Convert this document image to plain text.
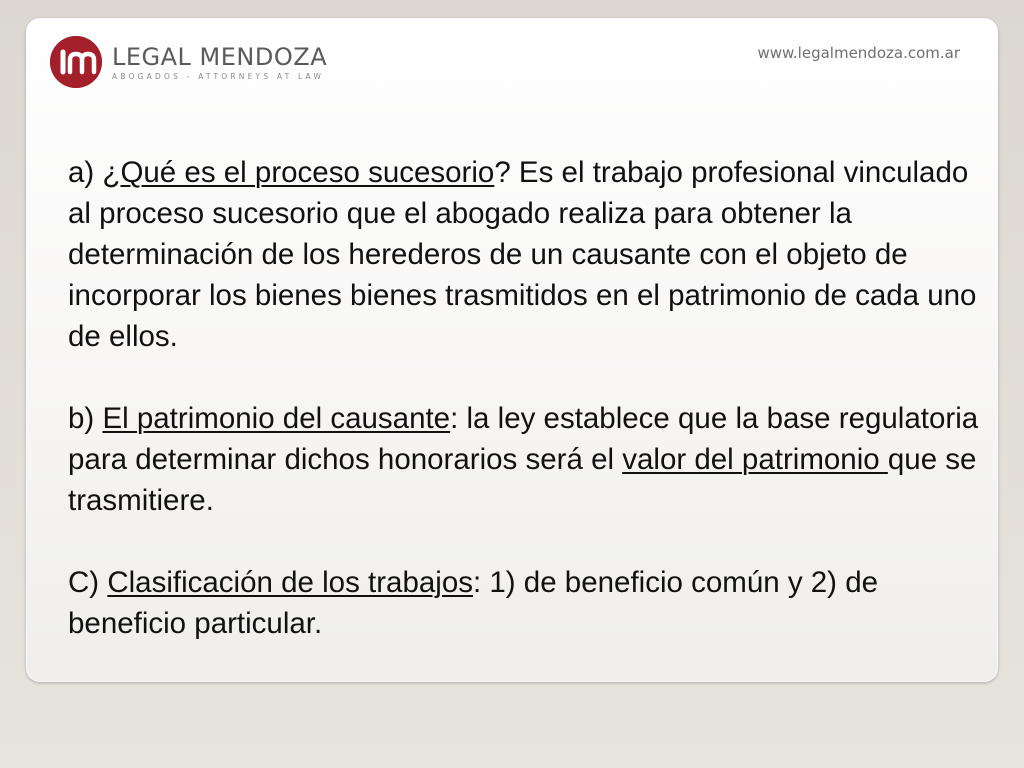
LEGAL MENDOZA
ABOGADOS - ATTORNEYS AT LAW
www.legalmendoza.com.ar

a) ¿Qué es el proceso sucesorio? Es el trabajo profesional vinculado al proceso sucesorio que el abogado realiza para obtener la determinación de los herederos de un causante con el objeto de incorporar los bienes bienes trasmitidos en el patrimonio de cada uno de ellos.

b) El patrimonio del causante: la ley establece que la base regulatoria para determinar dichos honorarios será el valor del patrimonio que se trasmitiere.

C) Clasificación de los trabajos: 1) de beneficio común y 2) de beneficio particular.
